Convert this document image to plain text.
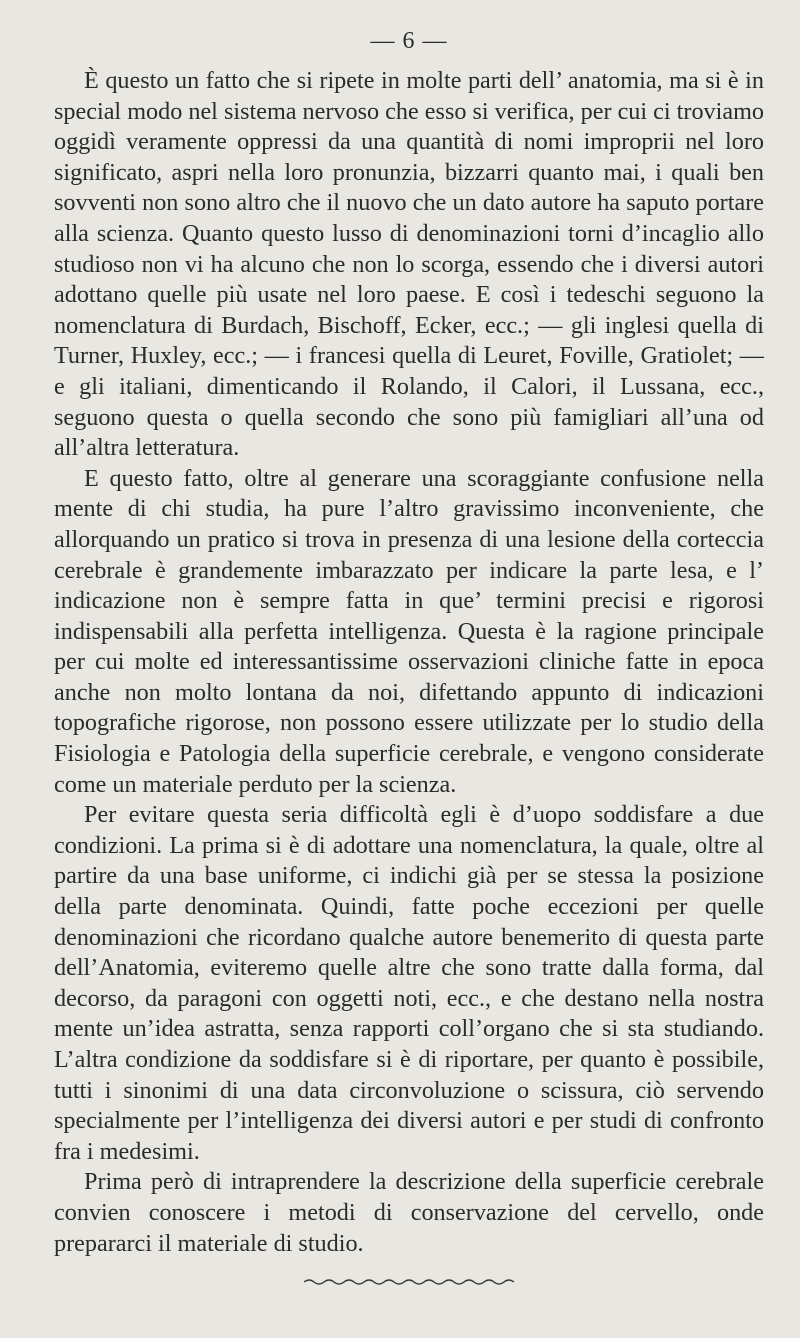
— 6 —

È questo un fatto che si ripete in molte parti dell’ anatomia, ma si è in special modo nel sistema nervoso che esso si verifica, per cui ci troviamo oggidì veramente oppressi da una quantità di nomi improprii nel loro significato, aspri nella loro pronunzia, bizzarri quanto mai, i quali ben sovventi non sono altro che il nuovo che un dato autore ha saputo portare alla scienza. Quanto questo lusso di denominazioni torni d’incaglio allo studioso non vi ha alcuno che non lo scorga, essendo che i diversi autori adottano quelle più usate nel loro paese. E così i tedeschi seguono la nomenclatura di Burdach, Bischoff, Ecker, ecc.; — gli inglesi quella di Turner, Huxley, ecc.; — i francesi quella di Leuret, Foville, Gratiolet; — e gli italiani, dimenticando il Rolando, il Calori, il Lussana, ecc., seguono questa o quella secondo che sono più famigliari all’una od all’altra letteratura.

E questo fatto, oltre al generare una scoraggiante confusione nella mente di chi studia, ha pure l’altro gravissimo inconveniente, che allorquando un pratico si trova in presenza di una lesione della corteccia cerebrale è grandemente imbarazzato per indicare la parte lesa, e l’ indicazione non è sempre fatta in que’ termini precisi e rigorosi indispensabili alla perfetta intelligenza. Questa è la ragione principale per cui molte ed interessantissime osservazioni cliniche fatte in epoca anche non molto lontana da noi, difettando appunto di indicazioni topografiche rigorose, non possono essere utilizzate per lo studio della Fisiologia e Patologia della superficie cerebrale, e vengono considerate come un materiale perduto per la scienza.

Per evitare questa seria difficoltà egli è d’uopo soddisfare a due condizioni. La prima si è di adottare una nomenclatura, la quale, oltre al partire da una base uniforme, ci indichi già per se stessa la posizione della parte denominata. Quindi, fatte poche eccezioni per quelle denominazioni che ricordano qualche autore benemerito di questa parte dell’Anatomia, eviteremo quelle altre che sono tratte dalla forma, dal decorso, da paragoni con oggetti noti, ecc., e che destano nella nostra mente un’idea astratta, senza rapporti coll’organo che si sta studiando. L’altra condizione da soddisfare si è di riportare, per quanto è possibile, tutti i sinonimi di una data circonvoluzione o scissura, ciò servendo specialmente per l’intelligenza dei diversi autori e per studi di confronto fra i medesimi.

Prima però di intraprendere la descrizione della superficie cerebrale convien conoscere i metodi di conservazione del cervello, onde prepararci il materiale di studio.
